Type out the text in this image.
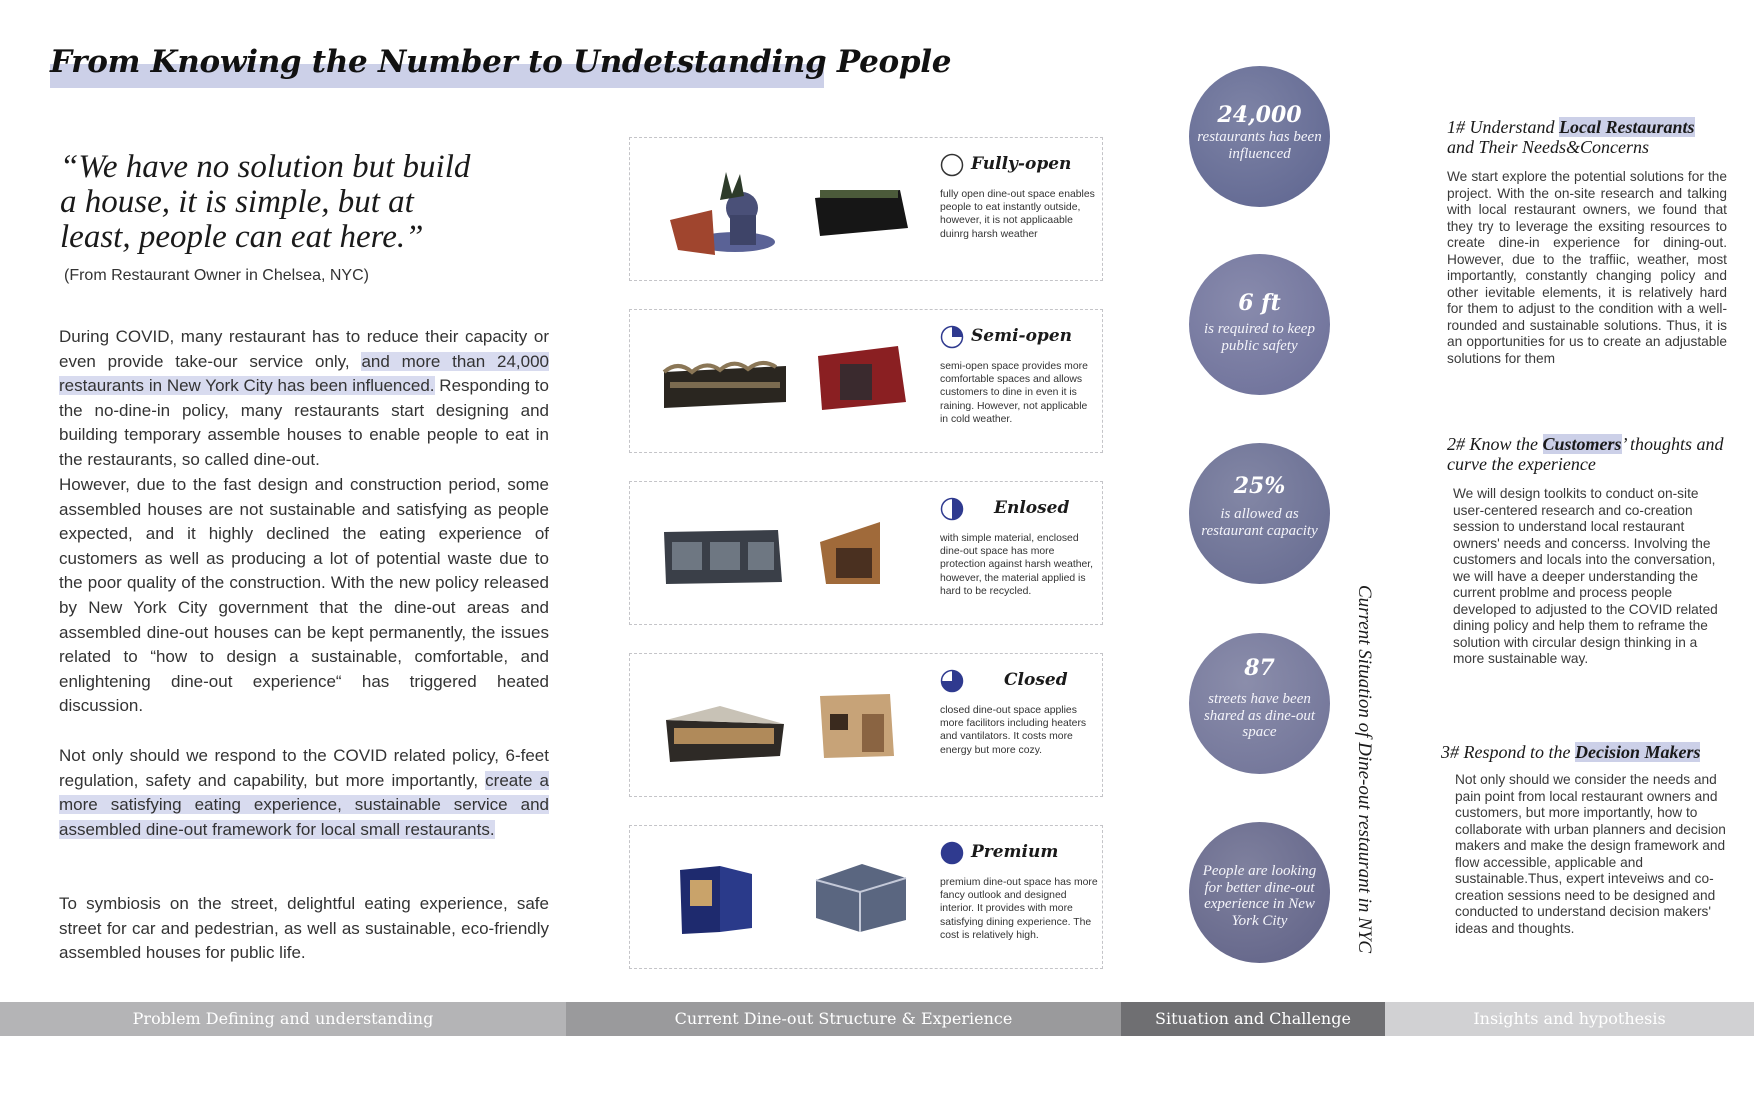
From Knowing the Number to Undetstanding People
“We have no solution but build
a house, it is simple, but at
least, people can eat here.”
(From Restaurant Owner in Chelsea, NYC)
During COVID, many restaurant has to reduce their capacity or even provide take-our service only, and more than 24,000 restaurants in New York City has been influenced. Responding to the no-dine-in policy, many restaurants start designing and building temporary assemble houses to enable people to eat in the restaurants, so called dine-out.
However, due to the fast design and construction period, some assembled houses are not sustainable and satisfying as people expected, and it highly declined the eating experience of customers as well as producing a lot of potential waste due to the poor quality of the construction. With the new policy released by New York City government that the dine-out areas and assembled dine-out houses can be kept permanently, the issues related to “how to design a sustainable, comfortable, and enlightening dine-out experience“ has triggered heated discussion.
Not only should we respond to the COVID related policy, 6-feet regulation, safety and capability, but more importantly, create a more satisfying eating experience, sustainable service and assembled dine-out framework for local small restaurants.
To symbiosis on the street, delightful eating experience, safe street for car and pedestrian, as well as sustainable, eco-friendly assembled houses for public life.
Fully-open
fully open dine-out space enables people to eat instantly outside, however, it is not applicaable duinrg harsh weather
Semi-open
semi-open space provides more comfortable spaces and allows customers to dine in even it is raining. However, not applicable in cold weather.
Enlosed
with simple material, enclosed dine-out space has more protection against harsh weather, however, the material applied is hard to be recycled.
Closed
closed dine-out space applies more facilitors including heaters and vantilators. It costs more energy but more cozy.
Premium
premium dine-out space has more fancy outlook and designed interior. It provides with more satisfying dining experience. The cost is relatively high.
24,000
restaurants has been influenced
6 ft
is required to keep public safety
25%
is allowed as restaurant capacity
87
streets have been shared as dine-out space
People are looking for better dine-out experience in New York City	Current Situation of Dine-out restaurant in NYC
1# Understand Local Restaurants
and Their Needs&Concerns
We start explore the potential solutions for the project. With the on-site research and talking with local restaurant owners, we found that they try to leverage the exsiting resources to create dine-in experience for dining-out. However, due to the traffiic, weather, most importantly, constantly changing policy and other ievitable elements, it is relatively hard for them to adjust to the condition with a well-rounded and sustainable solutions. Thus, it is an opportunities for us to create an adjustable solutions for them
2# Know the Customers’ thoughts and curve the experience
We will design toolkits to conduct on-site user-centered research and co-creation session to understand local restaurant owners' needs and concerss. Involving the customers and locals into the conversation, we will have a deeper understanding the current problme and process people developed to adjusted to the COVID related dining policy and help them to reframe the solution with circular design thinking in a more sustainable way.
3# Respond to the Decision Makers
Not only should we consider the needs and pain point from local restaurant owners and customers, but more importantly, how to collaborate with urban planners and decision makers and make the design framework and flow accessible, applicable and sustainable.Thus, expert inteveiws and co-creation sessions need to be designed and conducted to understand decision makers' ideas and thoughts.
Problem Defining and understanding	Current Dine-out Structure & Experience	Situation and Challenge	Insights and hypothesis
